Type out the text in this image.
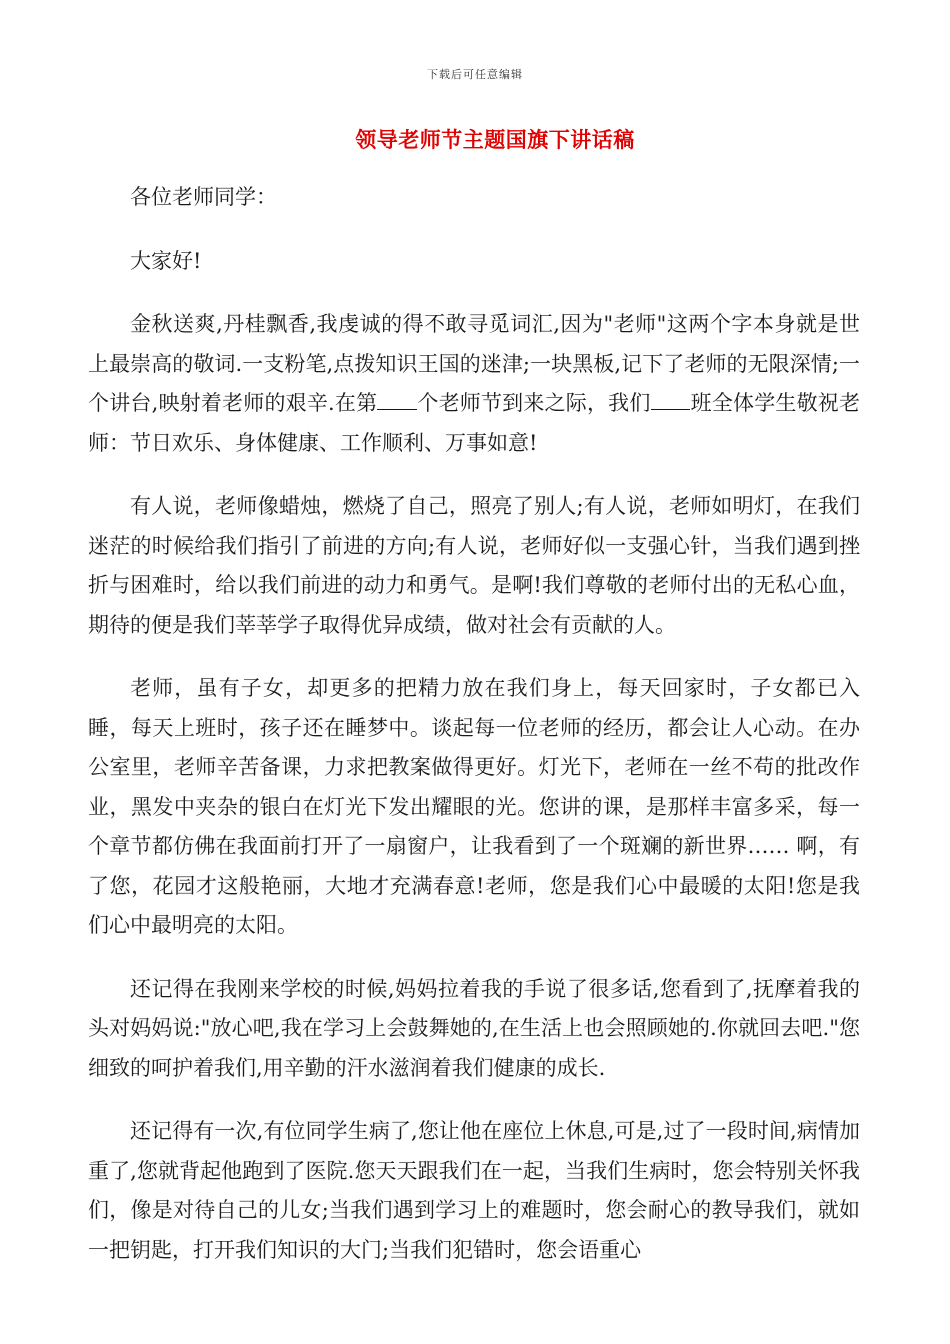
下载后可任意编辑
领导老师节主题国旗下讲话稿

各位老师同学：

大家好!

金秋送爽,丹桂飘香,我虔诚的得不敢寻觅词汇,因为"老师"这两个字本身就是世上最崇高的敬词.一支粉笔,点拨知识王国的迷津;一块黑板,记下了老师的无限深情;一个讲台,映射着老师的艰辛.在第 个老师节到来之际，我们 班全体学生敬祝老师：节日欢乐、身体健康、工作顺利、万事如意!

有人说，老师像蜡烛，燃烧了自己，照亮了别人;有人说，老师如明灯，在我们迷茫的时候给我们指引了前进的方向;有人说，老师好似一支强心针，当我们遇到挫折与困难时，给以我们前进的动力和勇气。是啊!我们尊敬的老师付出的无私心血，期待的便是我们莘莘学子取得优异成绩，做对社会有贡献的人。

老师，虽有子女，却更多的把精力放在我们身上，每天回家时，子女都已入睡，每天上班时，孩子还在睡梦中。谈起每一位老师的经历，都会让人心动。在办公室里，老师辛苦备课，力求把教案做得更好。灯光下，老师在一丝不苟的批改作业，黑发中夹杂的银白在灯光下发出耀眼的光。您讲的课，是那样丰富多采，每一个章节都仿佛在我面前打开了一扇窗户，让我看到了一个斑斓的新世界…… 啊，有了您，花园才这般艳丽，大地才充满春意!老师，您是我们心中最暖的太阳!您是我们心中最明亮的太阳。

还记得在我刚来学校的时候,妈妈拉着我的手说了很多话,您看到了,抚摩着我的头对妈妈说:"放心吧,我在学习上会鼓舞她的,在生活上也会照顾她的.你就回去吧."您细致的呵护着我们,用辛勤的汗水滋润着我们健康的成长.

还记得有一次,有位同学生病了,您让他在座位上休息,可是,过了一段时间,病情加重了,您就背起他跑到了医院.您天天跟我们在一起，当我们生病时，您会特别关怀我们，像是对待自己的儿女;当我们遇到学习上的难题时，您会耐心的教导我们，就如一把钥匙，打开我们知识的大门;当我们犯错时，您会语重心
